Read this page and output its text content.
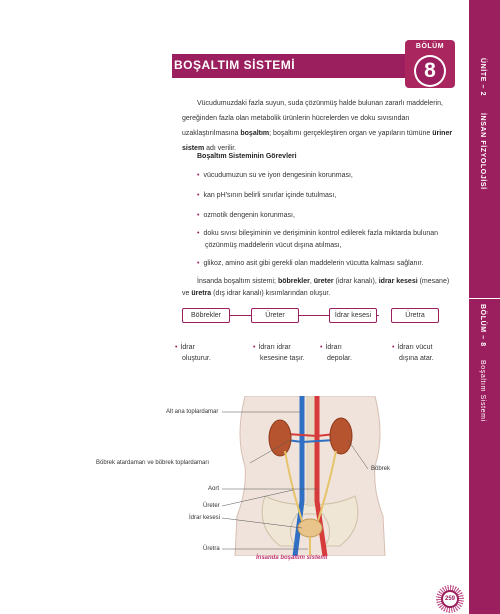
ÜNİTE – 2
İNSAN FİZYOLOJİSİ
BÖLÜM – 8
Boşaltım Sistemi
BOŞALTIM SİSTEMİ
BÖLÜM
8
Vücudumuzdaki fazla suyun, suda çözünmüş halde bulunan zararlı maddelerin,
gereğinden fazla olan metabolik ürünlerin hücrelerden ve doku sıvısından
uzaklaştırılmasına boşaltım; boşaltımı gerçekleştiren organ ve yapıların tümüne üriner
sistem adı verilir.
Boşaltım Sisteminin Görevleri
• vücudumuzun su ve iyon dengesinin korunması,
• kan pH'sının belirli sınırlar içinde tutulması,
• ozmotik dengenin korunması,
• doku sıvısı bileşiminin ve derişiminin kontrol edilerek fazla miktarda bulunan
çözünmüş maddelerin vücut dışına atılması,
• glikoz, amino asit gibi gerekli olan maddelerin vücutta kalması sağlanır.
İnsanda boşaltım sistemi; böbrekler, üreter (idrar kanalı), idrar kesesi (mesane)
ve üretra (dış idrar kanalı) kısımlarından oluşur.
Böbrekler	Üreter	İdrar kesesi	Üretra
• İdrar
oluşturur.
• İdrarı idrar
kesesine taşır.
• İdrarı
depolar.
• İdrarı vücut
dışına atar.
Alt ana toplardamar
Böbrek atardamarı ve böbrek toplardamarı
Aort
Üreter
İdrar kesesi
Üretra
Böbrek
İnsanda boşaltım sistemi
259
